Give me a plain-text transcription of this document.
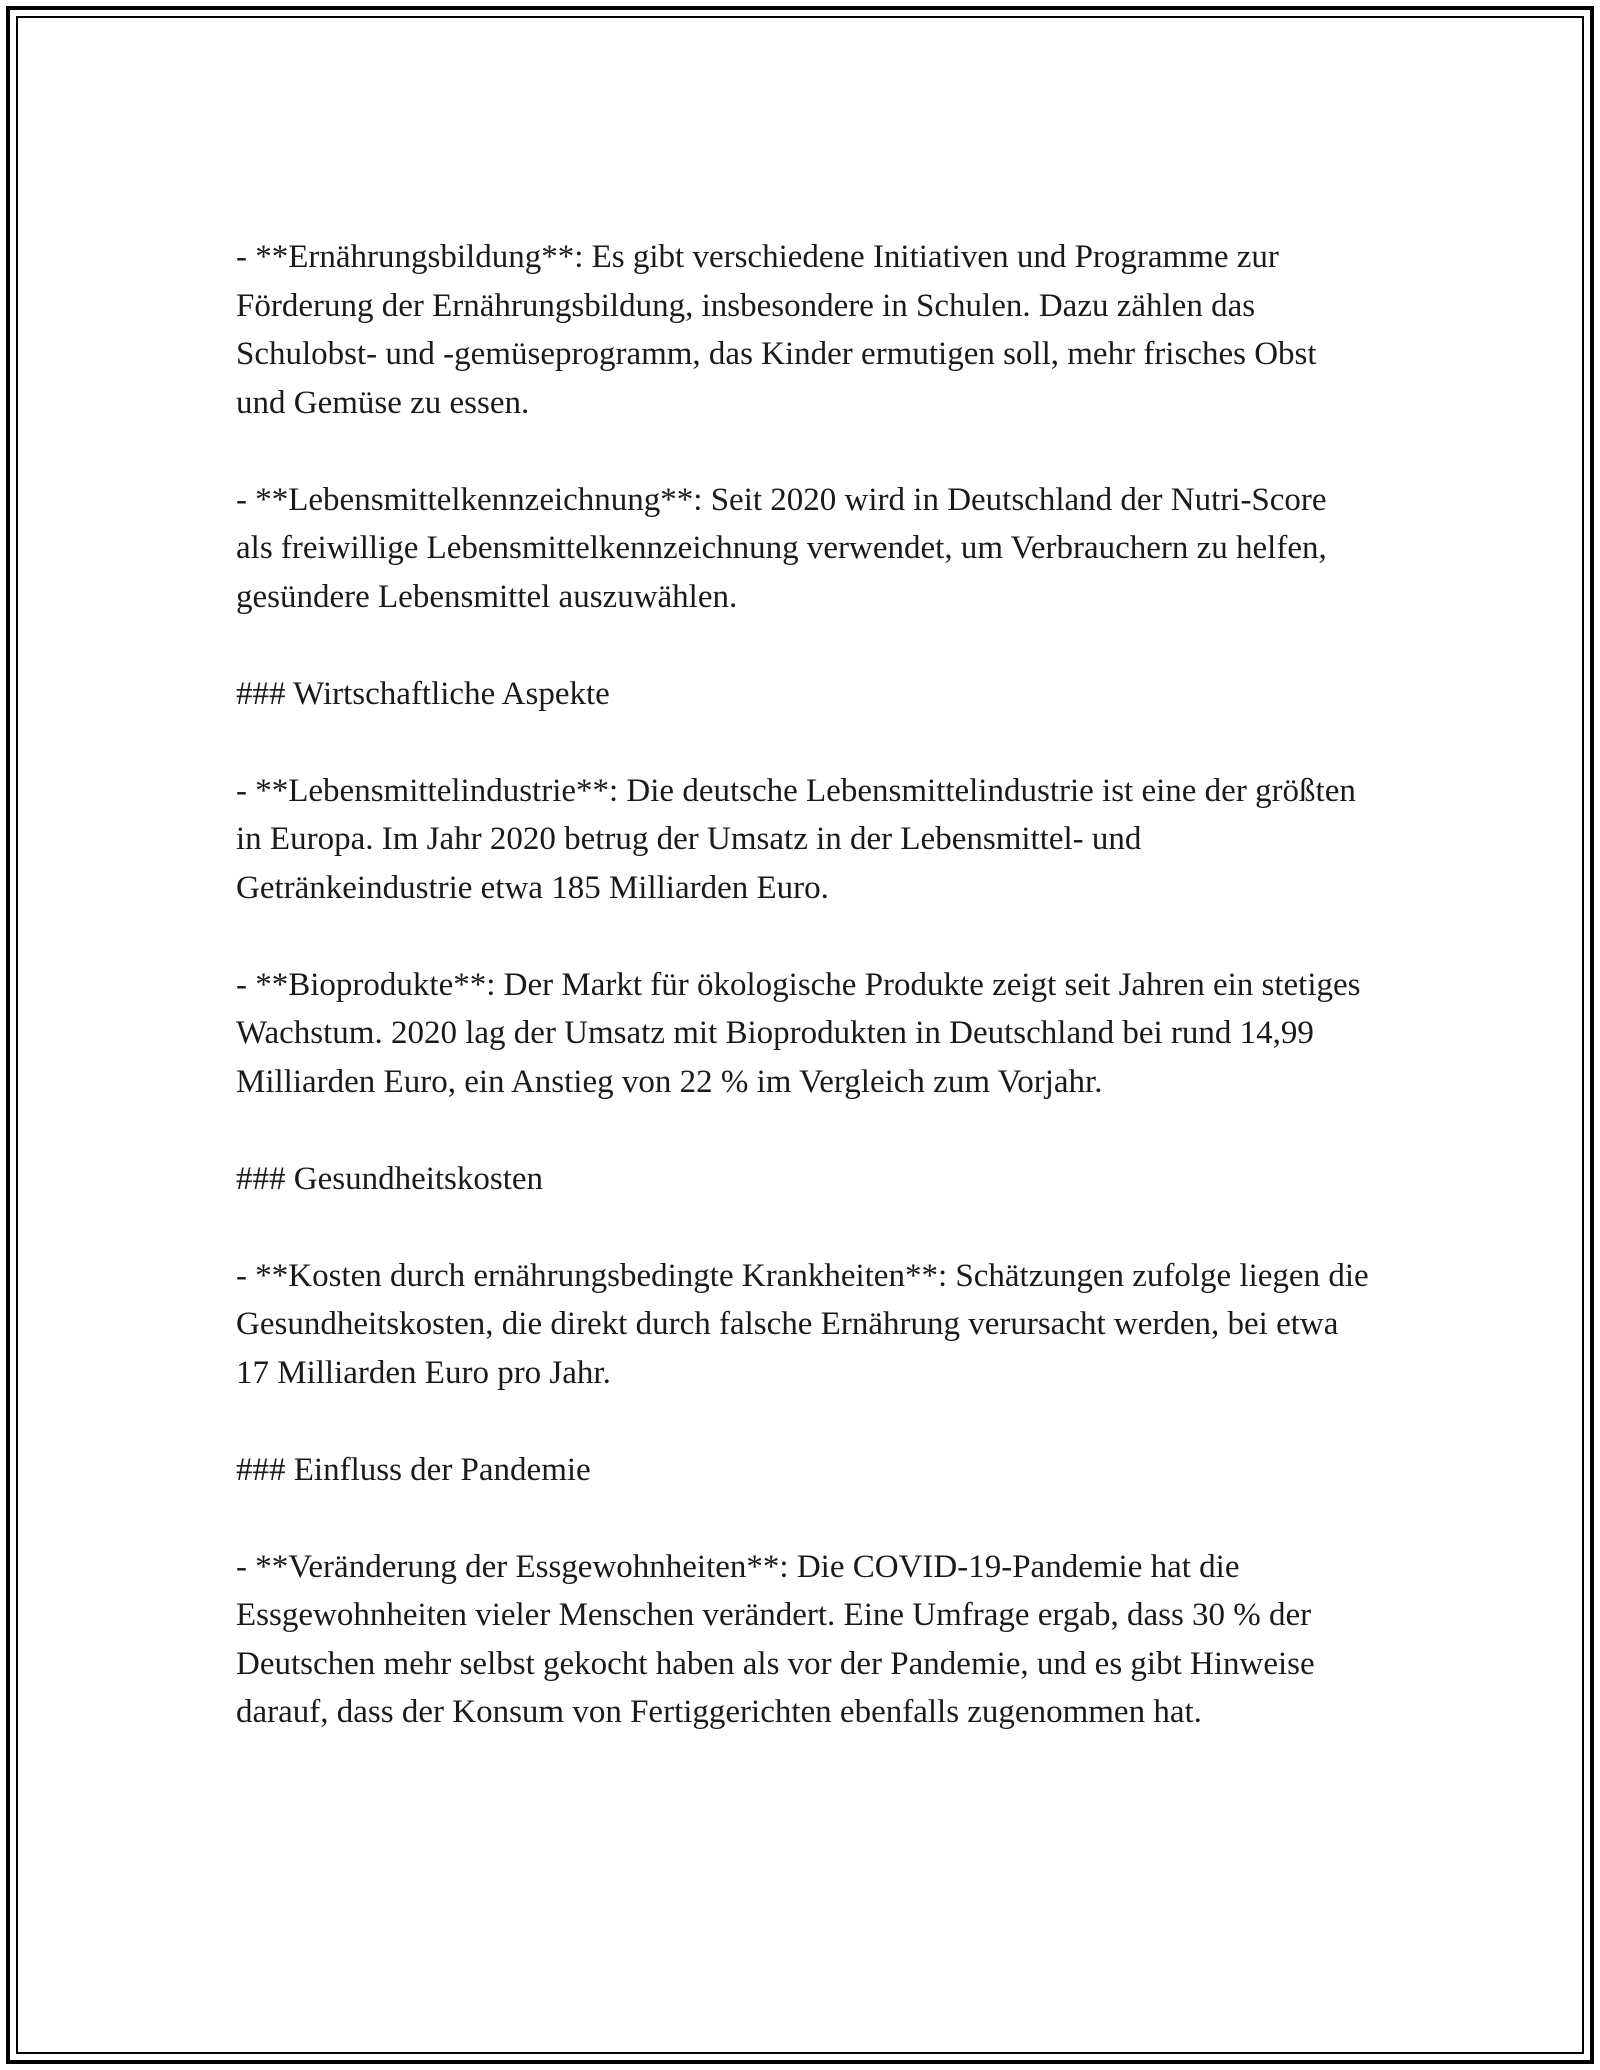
- **Ernährungsbildung**: Es gibt verschiedene Initiativen und Programme zur Förderung der Ernährungsbildung, insbesondere in Schulen. Dazu zählen das Schulobst- und -gemüseprogramm, das Kinder ermutigen soll, mehr frisches Obst und Gemüse zu essen.

- **Lebensmittelkennzeichnung**: Seit 2020 wird in Deutschland der Nutri-Score als freiwillige Lebensmittelkennzeichnung verwendet, um Verbrauchern zu helfen, gesündere Lebensmittel auszuwählen.

### Wirtschaftliche Aspekte

- **Lebensmittelindustrie**: Die deutsche Lebensmittelindustrie ist eine der größten in Europa. Im Jahr 2020 betrug der Umsatz in der Lebensmittel- und Getränkeindustrie etwa 185 Milliarden Euro.

- **Bioprodukte**: Der Markt für ökologische Produkte zeigt seit Jahren ein stetiges Wachstum. 2020 lag der Umsatz mit Bioprodukten in Deutschland bei rund 14,99 Milliarden Euro, ein Anstieg von 22 % im Vergleich zum Vorjahr.

### Gesundheitskosten

- **Kosten durch ernährungsbedingte Krankheiten**: Schätzungen zufolge liegen die Gesundheitskosten, die direkt durch falsche Ernährung verursacht werden, bei etwa 17 Milliarden Euro pro Jahr.

### Einfluss der Pandemie

- **Veränderung der Essgewohnheiten**: Die COVID-19-Pandemie hat die Essgewohnheiten vieler Menschen verändert. Eine Umfrage ergab, dass 30 % der Deutschen mehr selbst gekocht haben als vor der Pandemie, und es gibt Hinweise darauf, dass der Konsum von Fertiggerichten ebenfalls zugenommen hat.
